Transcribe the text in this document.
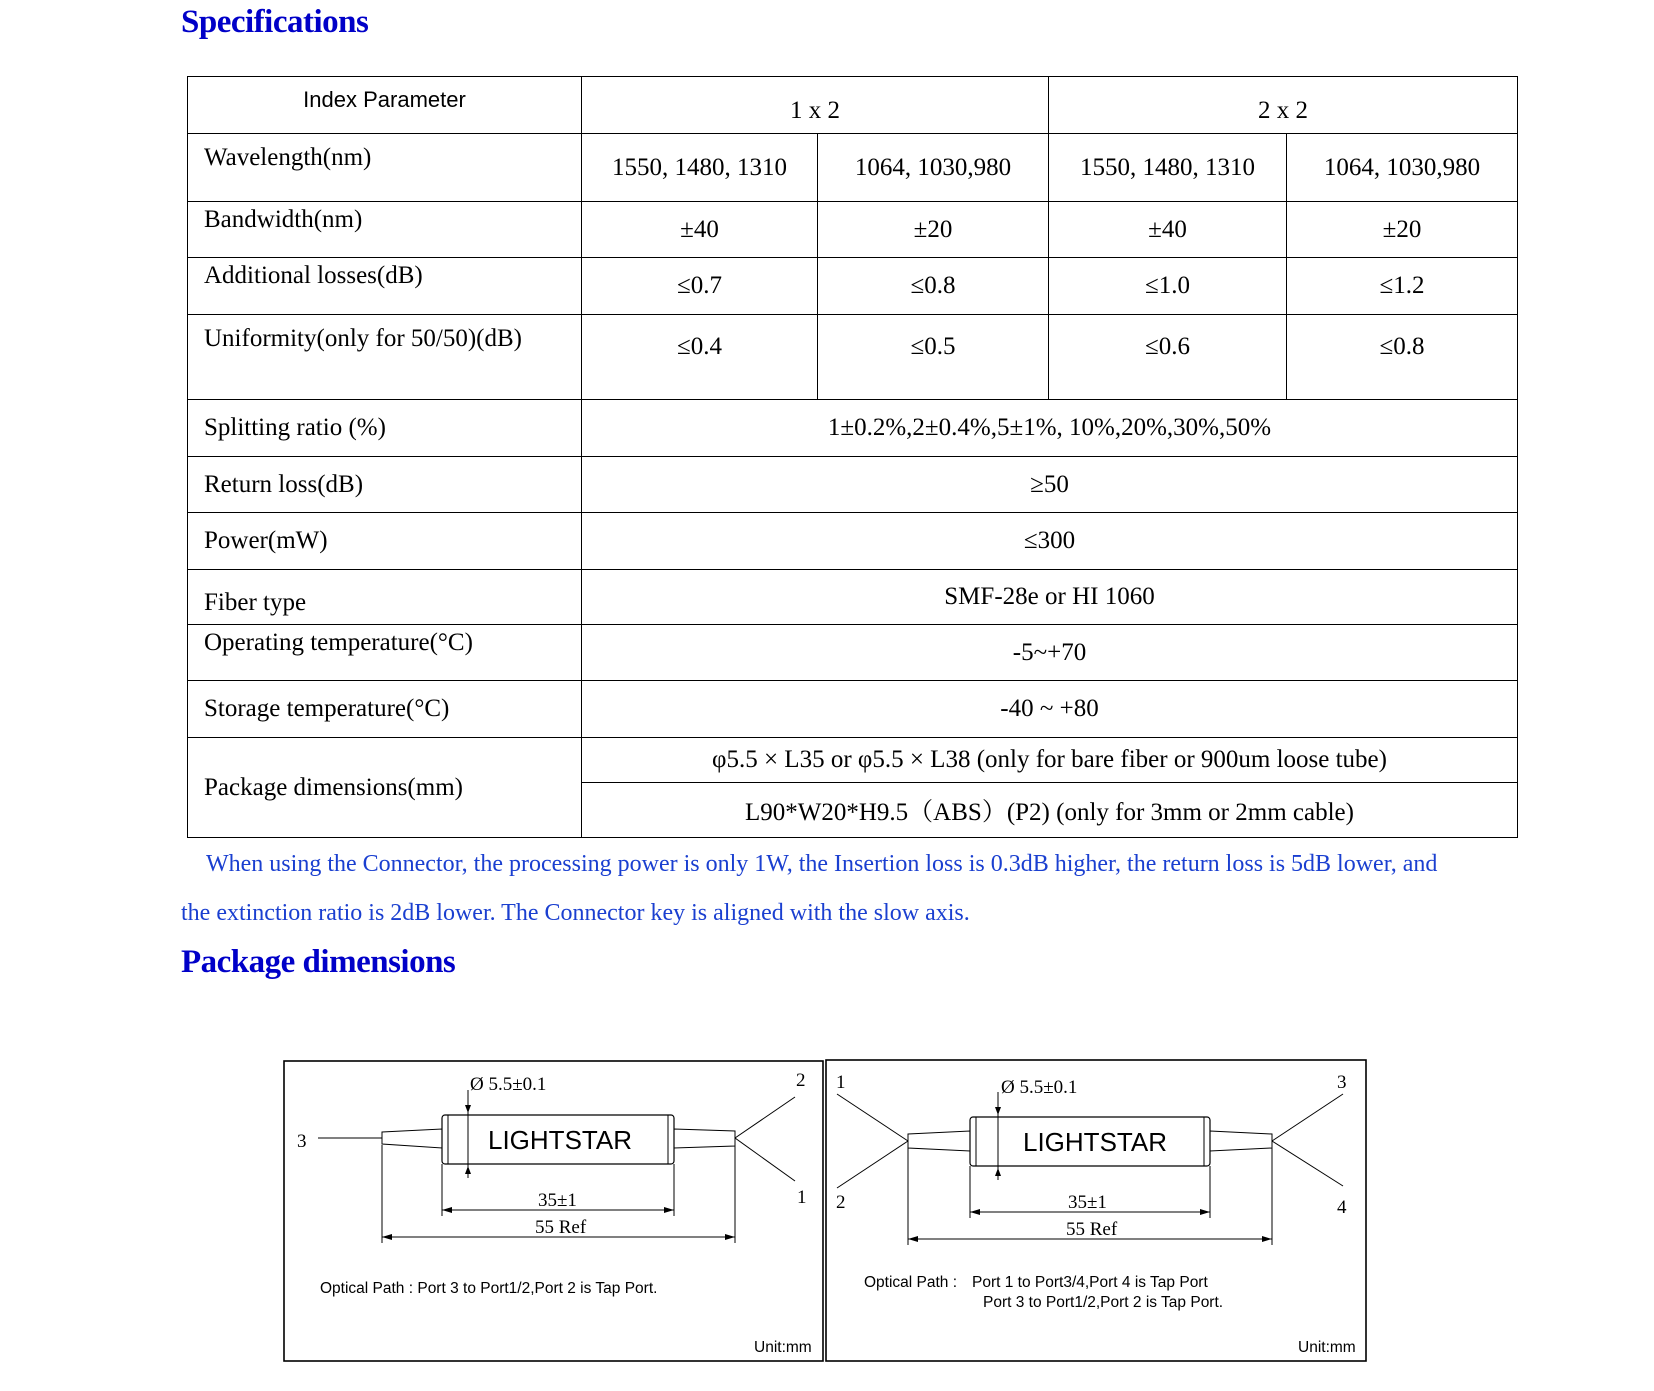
Specifications
Index Parameter	1 x 2		2 x 2	
Wavelength(nm)	1550, 1480, 1310	1064, 1030,980	1550, 1480, 1310	1064, 1030,980
Bandwidth(nm)	±40	±20	±40	±20
Additional losses(dB)	≤0.7	≤0.8	≤1.0	≤1.2
Uniformity(only for 50/50)(dB)	≤0.4	≤0.5	≤0.6	≤0.8
Splitting ratio (%)	1±0.2%,2±0.4%,5±1%, 10%,20%,30%,50%			
Return loss(dB)	≥50			
Power(mW)	≤300			
Fiber type	SMF-28e or HI 1060			
Operating temperature(°C)	-5~+70			
Storage temperature(°C)	-40 ~ +80			
Package dimensions(mm)	φ5.5 × L35 or φ5.5 × L38 (only for bare fiber or 900um loose tube)			
	L90*W20*H9.5（ABS）(P2) (only for 3mm or 2mm cable)			

When using the Connector, the processing power is only 1W, the Insertion loss is 0.3dB higher, the return loss is 5dB lower, and

the extinction ratio is 2dB lower. The Connector key is aligned with the slow axis.

Package dimensions
Ø 5.5±0.1
LIGHTSTAR
35±1
55 Ref
3
2
1
Optical Path : Port 3 to Port1/2,Port 2 is Tap Port.
Unit:mm
Ø 5.5±0.1
LIGHTSTAR
35±1
55 Ref
1
2
3
4
Optical Path : Port 1 to Port3/4,Port 4 is Tap Port
Port 3 to Port1/2,Port 2 is Tap Port.
Unit:mm
